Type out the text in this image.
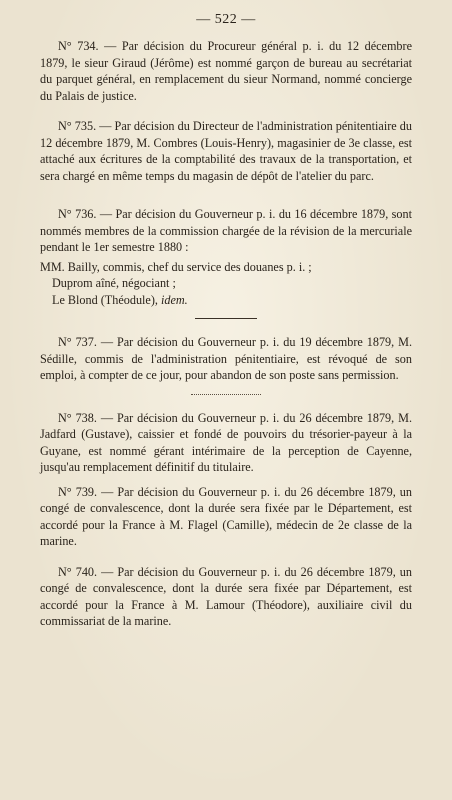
— 522 —

N° 734. — Par décision du Procureur général p. i. du 12 décembre 1879, le sieur Giraud (Jérôme) est nommé garçon de bureau au secrétariat du parquet général, en remplacement du sieur Normand, nommé concierge du Palais de justice.

N° 735. — Par décision du Directeur de l'administration pénitentiaire du 12 décembre 1879, M. Combres (Louis-Henry), magasinier de 3e classe, est attaché aux écritures de la comptabilité des travaux de la transportation, et sera chargé en même temps du magasin de dépôt de l'atelier du parc.

N° 736. — Par décision du Gouverneur p. i. du 16 décembre 1879, sont nommés membres de la commission chargée de la révision de la mercuriale pendant le 1er semestre 1880 :

MM. Bailly, commis, chef du service des douanes p. i. ;
Duprom aîné, négociant ;
Le Blond (Théodule), idem.

N° 737. — Par décision du Gouverneur p. i. du 19 décembre 1879, M. Sédille, commis de l'administration pénitentiaire, est révoqué de son emploi, à compter de ce jour, pour abandon de son poste sans permission.

N° 738. — Par décision du Gouverneur p. i. du 26 décembre 1879, M. Jadfard (Gustave), caissier et fondé de pouvoirs du trésorier-payeur à la Guyane, est nommé gérant intérimaire de la perception de Cayenne, jusqu'au remplacement définitif du titulaire.

N° 739. — Par décision du Gouverneur p. i. du 26 décembre 1879, un congé de convalescence, dont la durée sera fixée par le Département, est accordé pour la France à M. Flagel (Camille), médecin de 2e classe de la marine.

N° 740. — Par décision du Gouverneur p. i. du 26 décembre 1879, un congé de convalescence, dont la durée sera fixée par Département, est accordé pour la France à M. Lamour (Théodore), auxiliaire civil du commissariat de la marine.
